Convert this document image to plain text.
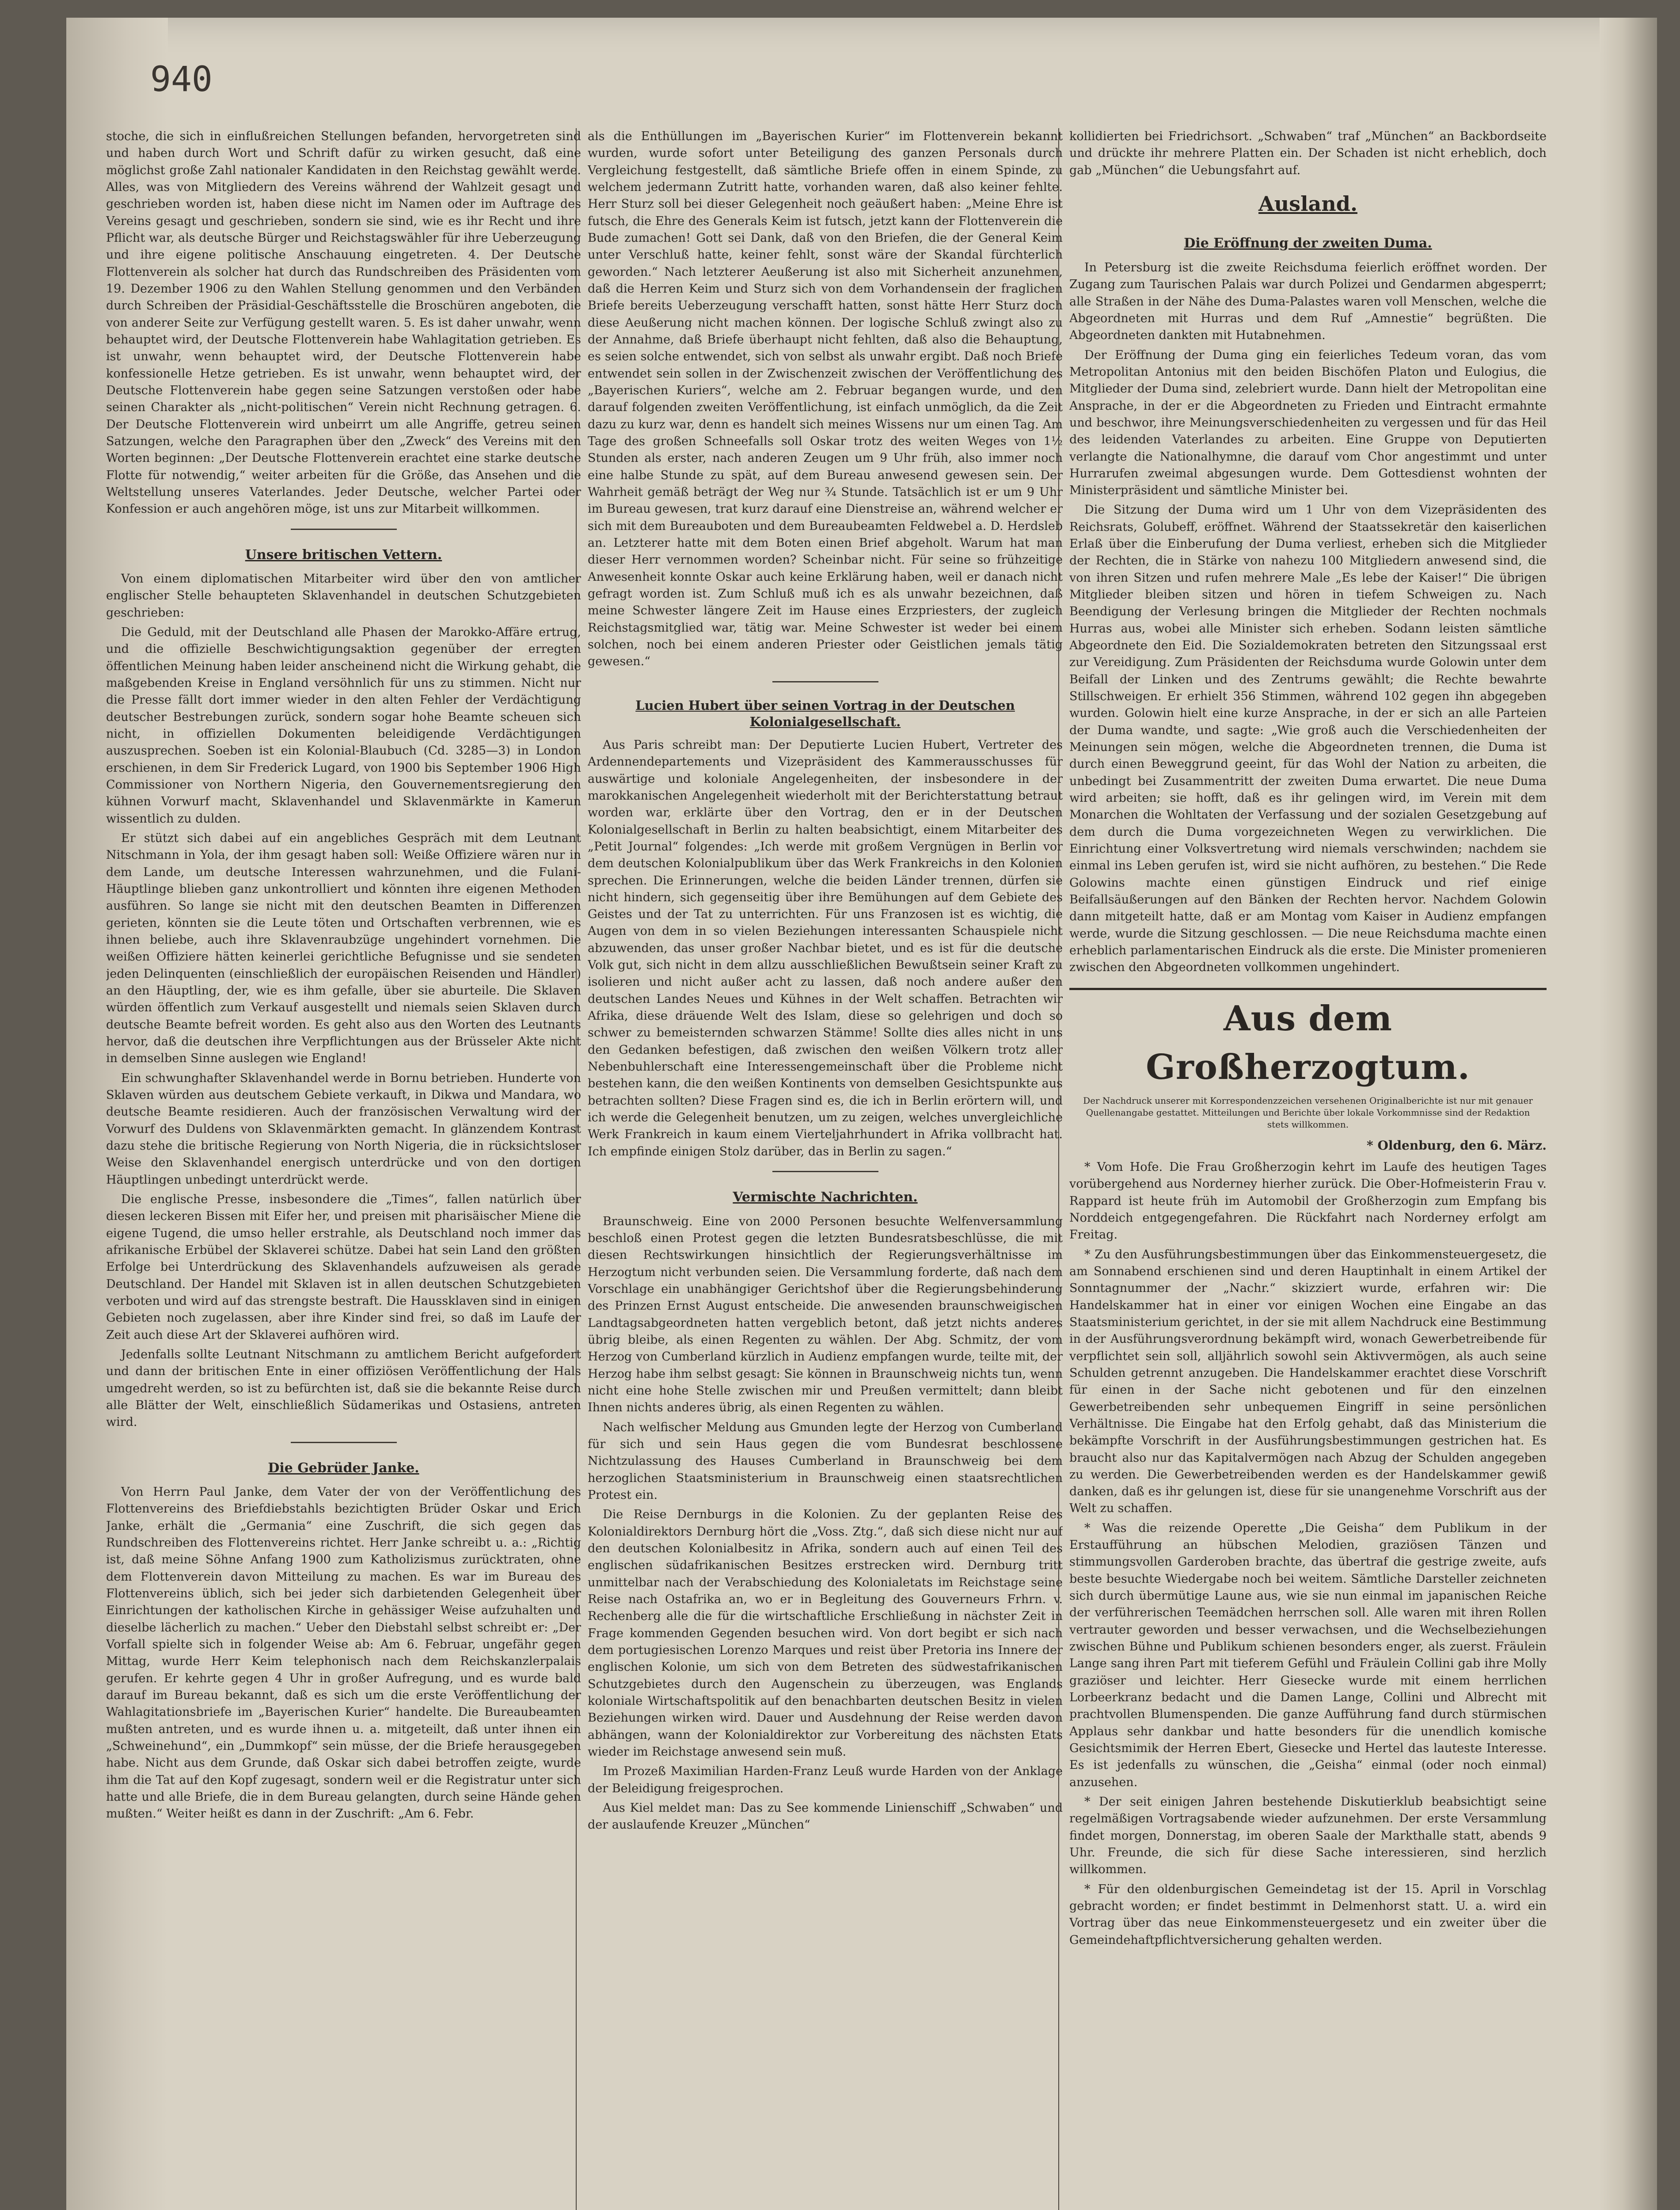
940

stoche, die sich in einflußreichen Stellungen befanden, hervorgetreten sind und haben durch Wort und Schrift dafür zu wirken gesucht, daß eine möglichst große Zahl nationaler Kandidaten in den Reichstag gewählt werde. Alles, was von Mitgliedern des Vereins während der Wahlzeit gesagt und geschrieben worden ist, haben diese nicht im Namen oder im Auftrage des Vereins gesagt und geschrieben, sondern sie sind, wie es ihr Recht und ihre Pflicht war, als deutsche Bürger und Reichstagswähler für ihre Ueberzeugung und ihre eigene politische Anschauung eingetreten. 4. Der Deutsche Flottenverein als solcher hat durch das Rundschreiben des Präsidenten vom 19. Dezember 1906 zu den Wahlen Stellung genommen und den Verbänden durch Schreiben der Präsidial-Geschäftsstelle die Broschüren angeboten, die von anderer Seite zur Verfügung gestellt waren. 5. Es ist daher unwahr, wenn behauptet wird, der Deutsche Flottenverein habe Wahlagitation getrieben. Es ist unwahr, wenn behauptet wird, der Deutsche Flottenverein habe konfessionelle Hetze getrieben. Es ist unwahr, wenn behauptet wird, der Deutsche Flottenverein habe gegen seine Satzungen verstoßen oder habe seinen Charakter als „nicht-politischen“ Verein nicht Rechnung getragen. 6. Der Deutsche Flottenverein wird unbeirrt um alle Angriffe, getreu seinen Satzungen, welche den Paragraphen über den „Zweck“ des Vereins mit den Worten beginnen: „Der Deutsche Flottenverein erachtet eine starke deutsche Flotte für notwendig,“ weiter arbeiten für die Größe, das Ansehen und die Weltstellung unseres Vaterlandes. Jeder Deutsche, welcher Partei oder Konfession er auch angehören möge, ist uns zur Mitarbeit willkommen.

Unsere britischen Vettern.

Von einem diplomatischen Mitarbeiter wird über den von amtlicher englischer Stelle behaupteten Sklavenhandel in deutschen Schutzgebieten geschrieben:

Die Geduld, mit der Deutschland alle Phasen der Marokko-Affäre ertrug, und die offizielle Beschwichtigungsaktion gegenüber der erregten öffentlichen Meinung haben leider anscheinend nicht die Wirkung gehabt, die maßgebenden Kreise in England versöhnlich für uns zu stimmen. Nicht nur die Presse fällt dort immer wieder in den alten Fehler der Verdächtigung deutscher Bestrebungen zurück, sondern sogar hohe Beamte scheuen sich nicht, in offiziellen Dokumenten beleidigende Verdächtigungen auszusprechen. Soeben ist ein Kolonial-Blaubuch (Cd. 3285—3) in London erschienen, in dem Sir Frederick Lugard, von 1900 bis September 1906 High Commissioner von Northern Nigeria, den Gouvernementsregierung den kühnen Vorwurf macht, Sklavenhandel und Sklavenmärkte in Kamerun wissentlich zu dulden.

Er stützt sich dabei auf ein angebliches Gespräch mit dem Leutnant Nitschmann in Yola, der ihm gesagt haben soll: Weiße Offiziere wären nur in dem Lande, um deutsche Interessen wahrzunehmen, und die Fulani-Häuptlinge blieben ganz unkontrolliert und könnten ihre eigenen Methoden ausführen. So lange sie nicht mit den deutschen Beamten in Differenzen gerieten, könnten sie die Leute töten und Ortschaften verbrennen, wie es ihnen beliebe, auch ihre Sklavenraubzüge ungehindert vornehmen. Die weißen Offiziere hätten keinerlei gerichtliche Befugnisse und sie sendeten jeden Delinquenten (einschließlich der europäischen Reisenden und Händler) an den Häuptling, der, wie es ihm gefalle, über sie aburteile. Die Sklaven würden öffentlich zum Verkauf ausgestellt und niemals seien Sklaven durch deutsche Beamte befreit worden. Es geht also aus den Worten des Leutnants hervor, daß die deutschen ihre Verpflichtungen aus der Brüsseler Akte nicht in demselben Sinne auslegen wie England!

Ein schwunghafter Sklavenhandel werde in Bornu betrieben. Hunderte von Sklaven würden aus deutschem Gebiete verkauft, in Dikwa und Mandara, wo deutsche Beamte residieren. Auch der französischen Verwaltung wird der Vorwurf des Duldens von Sklavenmärkten gemacht. In glänzendem Kontrast dazu stehe die britische Regierung von North Nigeria, die in rücksichtsloser Weise den Sklavenhandel energisch unterdrücke und von den dortigen Häuptlingen unbedingt unterdrückt werde.

Die englische Presse, insbesondere die „Times“, fallen natürlich über diesen leckeren Bissen mit Eifer her, und preisen mit pharisäischer Miene die eigene Tugend, die umso heller erstrahle, als Deutschland noch immer das afrikanische Erbübel der Sklaverei schütze. Dabei hat sein Land den größten Erfolge bei Unterdrückung des Sklavenhandels aufzuweisen als gerade Deutschland. Der Handel mit Sklaven ist in allen deutschen Schutzgebieten verboten und wird auf das strengste bestraft. Die Haussklaven sind in einigen Gebieten noch zugelassen, aber ihre Kinder sind frei, so daß im Laufe der Zeit auch diese Art der Sklaverei aufhören wird.

Jedenfalls sollte Leutnant Nitschmann zu amtlichem Bericht aufgefordert und dann der britischen Ente in einer offiziösen Veröffentlichung der Hals umgedreht werden, so ist zu befürchten ist, daß sie die bekannte Reise durch alle Blätter der Welt, einschließlich Südamerikas und Ostasiens, antreten wird.

Die Gebrüder Janke.

Von Herrn Paul Janke, dem Vater der von der Veröffentlichung des Flottenvereins des Briefdiebstahls bezichtigten Brüder Oskar und Erich Janke, erhält die „Germania“ eine Zuschrift, die sich gegen das Rundschreiben des Flottenvereins richtet. Herr Janke schreibt u. a.: „Richtig ist, daß meine Söhne Anfang 1900 zum Katholizismus zurücktraten, ohne dem Flottenverein davon Mitteilung zu machen. Es war im Bureau des Flottenvereins üblich, sich bei jeder sich darbietenden Gelegenheit über Einrichtungen der katholischen Kirche in gehässiger Weise aufzuhalten und dieselbe lächerlich zu machen.“ Ueber den Diebstahl selbst schreibt er: „Der Vorfall spielte sich in folgender Weise ab: Am 6. Februar, ungefähr gegen Mittag, wurde Herr Keim telephonisch nach dem Reichskanzlerpalais gerufen. Er kehrte gegen 4 Uhr in großer Aufregung, und es wurde bald darauf im Bureau bekannt, daß es sich um die erste Veröffentlichung der Wahlagitationsbriefe im „Bayerischen Kurier“ handelte. Die Bureaubeamten mußten antreten, und es wurde ihnen u. a. mitgeteilt, daß unter ihnen ein „Schweinehund“, ein „Dummkopf“ sein müsse, der die Briefe herausgegeben habe. Nicht aus dem Grunde, daß Oskar sich dabei betroffen zeigte, wurde ihm die Tat auf den Kopf zugesagt, sondern weil er die Registratur unter sich hatte und alle Briefe, die in dem Bureau gelangten, durch seine Hände gehen mußten.“ Weiter heißt es dann in der Zuschrift: „Am 6. Febr.

als die Enthüllungen im „Bayerischen Kurier“ im Flottenverein bekannt wurden, wurde sofort unter Beteiligung des ganzen Personals durch Vergleichung festgestellt, daß sämtliche Briefe offen in einem Spinde, zu welchem jedermann Zutritt hatte, vorhanden waren, daß also keiner fehlte. Herr Sturz soll bei dieser Gelegenheit noch geäußert haben: „Meine Ehre ist futsch, die Ehre des Generals Keim ist futsch, jetzt kann der Flottenverein die Bude zumachen! Gott sei Dank, daß von den Briefen, die der General Keim unter Verschluß hatte, keiner fehlt, sonst wäre der Skandal fürchterlich geworden.“ Nach letzterer Aeußerung ist also mit Sicherheit anzunehmen, daß die Herren Keim und Sturz sich von dem Vorhandensein der fraglichen Briefe bereits Ueberzeugung verschafft hatten, sonst hätte Herr Sturz doch diese Aeußerung nicht machen können. Der logische Schluß zwingt also zu der Annahme, daß Briefe überhaupt nicht fehlten, daß also die Behauptung, es seien solche entwendet, sich von selbst als unwahr ergibt. Daß noch Briefe entwendet sein sollen in der Zwischenzeit zwischen der Veröffentlichung des „Bayerischen Kuriers“, welche am 2. Februar begangen wurde, und den darauf folgenden zweiten Veröffentlichung, ist einfach unmöglich, da die Zeit dazu zu kurz war, denn es handelt sich meines Wissens nur um einen Tag. Am Tage des großen Schneefalls soll Oskar trotz des weiten Weges von 1½ Stunden als erster, nach anderen Zeugen um 9 Uhr früh, also immer noch eine halbe Stunde zu spät, auf dem Bureau anwesend gewesen sein. Der Wahrheit gemäß beträgt der Weg nur ¾ Stunde. Tatsächlich ist er um 9 Uhr im Bureau gewesen, trat kurz darauf eine Dienstreise an, während welcher er sich mit dem Bureauboten und dem Bureaubeamten Feldwebel a. D. Herdsleb an. Letzterer hatte mit dem Boten einen Brief abgeholt. Warum hat man dieser Herr vernommen worden? Scheinbar nicht. Für seine so frühzeitige Anwesenheit konnte Oskar auch keine Erklärung haben, weil er danach nicht gefragt worden ist. Zum Schluß muß ich es als unwahr bezeichnen, daß meine Schwester längere Zeit im Hause eines Erzpriesters, der zugleich Reichstagsmitglied war, tätig war. Meine Schwester ist weder bei einem solchen, noch bei einem anderen Priester oder Geistlichen jemals tätig gewesen.“

Lucien Hubert über seinen Vortrag in der Deutschen Kolonialgesellschaft.

Aus Paris schreibt man: Der Deputierte Lucien Hubert, Vertreter des Ardennendepartements und Vizepräsident des Kammerausschusses für auswärtige und koloniale Angelegenheiten, der insbesondere in der marokkanischen Angelegenheit wiederholt mit der Berichterstattung betraut worden war, erklärte über den Vortrag, den er in der Deutschen Kolonialgesellschaft in Berlin zu halten beabsichtigt, einem Mitarbeiter des „Petit Journal“ folgendes: „Ich werde mit großem Vergnügen in Berlin vor dem deutschen Kolonialpublikum über das Werk Frankreichs in den Kolonien sprechen. Die Erinnerungen, welche die beiden Länder trennen, dürfen sie nicht hindern, sich gegenseitig über ihre Bemühungen auf dem Gebiete des Geistes und der Tat zu unterrichten. Für uns Franzosen ist es wichtig, die Augen von dem in so vielen Beziehungen interessanten Schauspiele nicht abzuwenden, das unser großer Nachbar bietet, und es ist für die deutsche Volk gut, sich nicht in dem allzu ausschließlichen Bewußtsein seiner Kraft zu isolieren und nicht außer acht zu lassen, daß noch andere außer den deutschen Landes Neues und Kühnes in der Welt schaffen. Betrachten wir Afrika, diese dräuende Welt des Islam, diese so gelehrigen und doch so schwer zu bemeisternden schwarzen Stämme! Sollte dies alles nicht in uns den Gedanken befestigen, daß zwischen den weißen Völkern trotz aller Nebenbuhlerschaft eine Interessengemeinschaft über die Probleme nicht bestehen kann, die den weißen Kontinents von demselben Gesichtspunkte aus betrachten sollten? Diese Fragen sind es, die ich in Berlin erörtern will, und ich werde die Gelegenheit benutzen, um zu zeigen, welches unvergleichliche Werk Frankreich in kaum einem Vierteljahrhundert in Afrika vollbracht hat. Ich empfinde einigen Stolz darüber, das in Berlin zu sagen.“

Vermischte Nachrichten.

Braunschweig. Eine von 2000 Personen besuchte Welfenversammlung beschloß einen Protest gegen die letzten Bundesratsbeschlüsse, die mit diesen Rechtswirkungen hinsichtlich der Regierungsverhältnisse im Herzogtum nicht verbunden seien. Die Versammlung forderte, daß nach dem Vorschlage ein unabhängiger Gerichtshof über die Regierungsbehinderung des Prinzen Ernst August entscheide. Die anwesenden braunschweigischen Landtagsabgeordneten hatten vergeblich betont, daß jetzt nichts anderes übrig bleibe, als einen Regenten zu wählen. Der Abg. Schmitz, der vom Herzog von Cumberland kürzlich in Audienz empfangen wurde, teilte mit, der Herzog habe ihm selbst gesagt: Sie können in Braunschweig nichts tun, wenn nicht eine hohe Stelle zwischen mir und Preußen vermittelt; dann bleibt Ihnen nichts anderes übrig, als einen Regenten zu wählen.

Nach welfischer Meldung aus Gmunden legte der Herzog von Cumberland für sich und sein Haus gegen die vom Bundesrat beschlossene Nichtzulassung des Hauses Cumberland in Braunschweig bei dem herzoglichen Staatsministerium in Braunschweig einen staatsrechtlichen Protest ein.

Die Reise Dernburgs in die Kolonien. Zu der geplanten Reise des Kolonialdirektors Dernburg hört die „Voss. Ztg.“, daß sich diese nicht nur auf den deutschen Kolonialbesitz in Afrika, sondern auch auf einen Teil des englischen südafrikanischen Besitzes erstrecken wird. Dernburg tritt unmittelbar nach der Verabschiedung des Kolonialetats im Reichstage seine Reise nach Ostafrika an, wo er in Begleitung des Gouverneurs Frhrn. v. Rechenberg alle die für die wirtschaftliche Erschließung in nächster Zeit in Frage kommenden Gegenden besuchen wird. Von dort begibt er sich nach dem portugiesischen Lorenzo Marques und reist über Pretoria ins Innere der englischen Kolonie, um sich von dem Betreten des südwestafrikanischen Schutzgebietes durch den Augenschein zu überzeugen, was Englands koloniale Wirtschaftspolitik auf den benachbarten deutschen Besitz in vielen Beziehungen wirken wird. Dauer und Ausdehnung der Reise werden davon abhängen, wann der Kolonialdirektor zur Vorbereitung des nächsten Etats wieder im Reichstage anwesend sein muß.

Im Prozeß Maximilian Harden-Franz Leuß wurde Harden von der Anklage der Beleidigung freigesprochen.

Aus Kiel meldet man: Das zu See kommende Linienschiff „Schwaben“ und der auslaufende Kreuzer „München“

kollidierten bei Friedrichsort. „Schwaben“ traf „München“ an Backbordseite und drückte ihr mehrere Platten ein. Der Schaden ist nicht erheblich, doch gab „München“ die Uebungsfahrt auf.

Ausland.
Die Eröffnung der zweiten Duma.

In Petersburg ist die zweite Reichsduma feierlich eröffnet worden. Der Zugang zum Taurischen Palais war durch Polizei und Gendarmen abgesperrt; alle Straßen in der Nähe des Duma-Palastes waren voll Menschen, welche die Abgeordneten mit Hurras und dem Ruf „Amnestie“ begrüßten. Die Abgeordneten dankten mit Hutabnehmen.

Der Eröffnung der Duma ging ein feierliches Tedeum voran, das vom Metropolitan Antonius mit den beiden Bischöfen Platon und Eulogius, die Mitglieder der Duma sind, zelebriert wurde. Dann hielt der Metropolitan eine Ansprache, in der er die Abgeordneten zu Frieden und Eintracht ermahnte und beschwor, ihre Meinungsverschiedenheiten zu vergessen und für das Heil des leidenden Vaterlandes zu arbeiten. Eine Gruppe von Deputierten verlangte die Nationalhymne, die darauf vom Chor angestimmt und unter Hurrarufen zweimal abgesungen wurde. Dem Gottesdienst wohnten der Ministerpräsident und sämtliche Minister bei.

Die Sitzung der Duma wird um 1 Uhr von dem Vizepräsidenten des Reichsrats, Golubeff, eröffnet. Während der Staatssekretär den kaiserlichen Erlaß über die Einberufung der Duma verliest, erheben sich die Mitglieder der Rechten, die in Stärke von nahezu 100 Mitgliedern anwesend sind, die von ihren Sitzen und rufen mehrere Male „Es lebe der Kaiser!“ Die übrigen Mitglieder bleiben sitzen und hören in tiefem Schweigen zu. Nach Beendigung der Verlesung bringen die Mitglieder der Rechten nochmals Hurras aus, wobei alle Minister sich erheben. Sodann leisten sämtliche Abgeordnete den Eid. Die Sozialdemokraten betreten den Sitzungssaal erst zur Vereidigung. Zum Präsidenten der Reichsduma wurde Golowin unter dem Beifall der Linken und des Zentrums gewählt; die Rechte bewahrte Stillschweigen. Er erhielt 356 Stimmen, während 102 gegen ihn abgegeben wurden. Golowin hielt eine kurze Ansprache, in der er sich an alle Parteien der Duma wandte, und sagte: „Wie groß auch die Verschiedenheiten der Meinungen sein mögen, welche die Abgeordneten trennen, die Duma ist durch einen Beweggrund geeint, für das Wohl der Nation zu arbeiten, die unbedingt bei Zusammentritt der zweiten Duma erwartet. Die neue Duma wird arbeiten; sie hofft, daß es ihr gelingen wird, im Verein mit dem Monarchen die Wohltaten der Verfassung und der sozialen Gesetzgebung auf dem durch die Duma vorgezeichneten Wegen zu verwirklichen. Die Einrichtung einer Volksvertretung wird niemals verschwinden; nachdem sie einmal ins Leben gerufen ist, wird sie nicht aufhören, zu bestehen.“ Die Rede Golowins machte einen günstigen Eindruck und rief einige Beifallsäußerungen auf den Bänken der Rechten hervor. Nachdem Golowin dann mitgeteilt hatte, daß er am Montag vom Kaiser in Audienz empfangen werde, wurde die Sitzung geschlossen. — Die neue Reichsduma machte einen erheblich parlamentarischen Eindruck als die erste. Die Minister promenieren zwischen den Abgeordneten vollkommen ungehindert.

Aus dem Großherzogtum.
Der Nachdruck unserer mit Korrespondenzzeichen versehenen Originalberichte ist nur mit genauer Quellenangabe gestattet. Mitteilungen und Berichte über lokale Vorkommnisse sind der Redaktion stets willkommen.
* Oldenburg, den 6. März.

* Vom Hofe. Die Frau Großherzogin kehrt im Laufe des heutigen Tages vorübergehend aus Norderney hierher zurück. Die Ober-Hofmeisterin Frau v. Rappard ist heute früh im Automobil der Großherzogin zum Empfang bis Norddeich entgegengefahren. Die Rückfahrt nach Norderney erfolgt am Freitag.

* Zu den Ausführungsbestimmungen über das Einkommensteuergesetz, die am Sonnabend erschienen sind und deren Hauptinhalt in einem Artikel der Sonntagnummer der „Nachr.“ skizziert wurde, erfahren wir: Die Handelskammer hat in einer vor einigen Wochen eine Eingabe an das Staatsministerium gerichtet, in der sie mit allem Nachdruck eine Bestimmung in der Ausführungsverordnung bekämpft wird, wonach Gewerbetreibende für verpflichtet sein soll, alljährlich sowohl sein Aktivvermögen, als auch seine Schulden getrennt anzugeben. Die Handelskammer erachtet diese Vorschrift für einen in der Sache nicht gebotenen und für den einzelnen Gewerbetreibenden sehr unbequemen Eingriff in seine persönlichen Verhältnisse. Die Eingabe hat den Erfolg gehabt, daß das Ministerium die bekämpfte Vorschrift in der Ausführungsbestimmungen gestrichen hat. Es braucht also nur das Kapitalvermögen nach Abzug der Schulden angegeben zu werden. Die Gewerbetreibenden werden es der Handelskammer gewiß danken, daß es ihr gelungen ist, diese für sie unangenehme Vorschrift aus der Welt zu schaffen.

* Was die reizende Operette „Die Geisha“ dem Publikum in der Erstaufführung an hübschen Melodien, graziösen Tänzen und stimmungsvollen Garderoben brachte, das übertraf die gestrige zweite, aufs beste besuchte Wiedergabe noch bei weitem. Sämtliche Darsteller zeichneten sich durch übermütige Laune aus, wie sie nun einmal im japanischen Reiche der verführerischen Teemädchen herrschen soll. Alle waren mit ihren Rollen vertrauter geworden und besser verwachsen, und die Wechselbeziehungen zwischen Bühne und Publikum schienen besonders enger, als zuerst. Fräulein Lange sang ihren Part mit tieferem Gefühl und Fräulein Collini gab ihre Molly graziöser und leichter. Herr Giesecke wurde mit einem herrlichen Lorbeerkranz bedacht und die Damen Lange, Collini und Albrecht mit prachtvollen Blumenspenden. Die ganze Aufführung fand durch stürmischen Applaus sehr dankbar und hatte besonders für die unendlich komische Gesichtsmimik der Herren Ebert, Giesecke und Hertel das lauteste Interesse. Es ist jedenfalls zu wünschen, die „Geisha“ einmal (oder noch einmal) anzusehen.

* Der seit einigen Jahren bestehende Diskutierklub beabsichtigt seine regelmäßigen Vortragsabende wieder aufzunehmen. Der erste Versammlung findet morgen, Donnerstag, im oberen Saale der Markthalle statt, abends 9 Uhr. Freunde, die sich für diese Sache interessieren, sind herzlich willkommen.

* Für den oldenburgischen Gemeindetag ist der 15. April in Vorschlag gebracht worden; er findet bestimmt in Delmenhorst statt. U. a. wird ein Vortrag über das neue Einkommensteuergesetz und ein zweiter über die Gemeindehaftpflichtversicherung gehalten werden.
